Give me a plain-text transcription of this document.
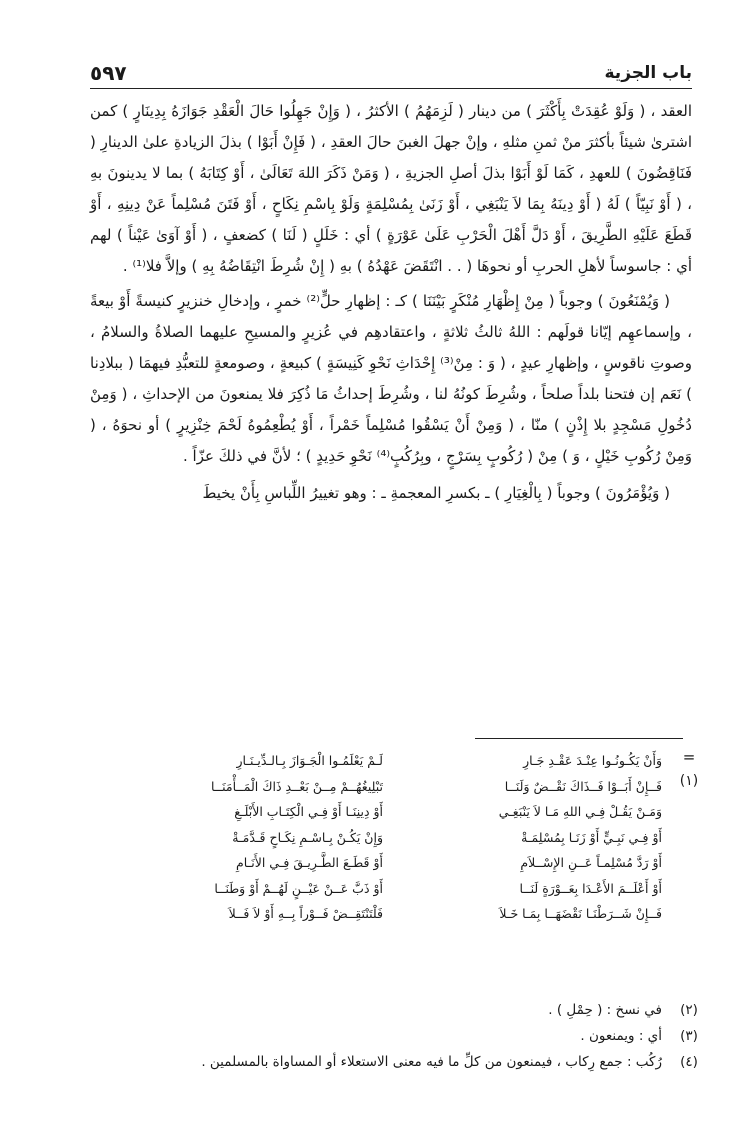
باب الجزية
٥٩٧

العقد ، ( وَلَوْ عُقِدَتْ بِأَكْثَرَ ) من دينار ( لَزِمَهُمُ ) الأكثرُ ، ( وَإِنْ جَهِلُوا حَالَ الْعَقْدِ جَوَازَهُ بِدِينَارٍ ) كمن اشترىٰ شيئاً بأكثرَ منْ ثمنِ مثلهِ ، وإنْ جهلَ الغبنَ حالَ العقدِ ، ( فَإِنْ أَبَوْا ) بذلَ الزيادةِ علىٰ الدينارِ ( فَنَاقِضُونَ ) للعهدِ ، كَمَا لَوْ أَبَوْا بذلَ أصلِ الجزيةِ ، ( وَمَنْ ذَكَرَ اللهَ تَعَالَىٰ ، أَوْ كِتَابَهُ ) بما لا يدينونَ بهِ ، ( أَوْ نَبِيّاً ) لَهُ ( أَوْ دِينَهُ بِمَا لاَ يَنْبَغِي ، أَوْ زَنَىٰ بِمُسْلِمَةٍ وَلَوْ بِاسْمِ نِكَاحٍ ، أَوْ فَتَنَ مُسْلِماً عَنْ دِينِهِ ، أَوْ قَطَعَ عَلَيْهِ الطَّرِيقَ ، أَوْ دَلَّ أَهْلَ الْحَرْبِ عَلَىٰ عَوْرَةٍ ) أي : خَلَلٍ ( لَنَا ) كضعفٍ ، ( أَوْ آوَىٰ عَيْناً ) لهم أي : جاسوساً لأهلِ الحربِ أو نحوهَا ( . . انْتَقَضَ عَهْدُهُ ) بهِ ( إِنْ شُرِطَ انْتِقَاضُهُ بِهِ ) وإلاَّ فلا⁽¹⁾ .

( وَيُمْنَعُونَ ) وجوباً ( مِنْ إِظْهَارِ مُنْكَرٍ بَيْنَنَا ) كـ : إظهارِ حلٍّ⁽²⁾ خمرٍ ، وإدخالِ خنزيرٍ كنيسةً أَوْ بيعةً ، وإسماعهِم إيّانا قولَهم : اللهُ ثالثُ ثلاثةٍ ، واعتقادهِم في عُزيرٍ والمسيحِ عليهما الصلاةُ والسلامُ ، وصوتِ ناقوسٍ ، وإظهارِ عيدٍ ، ( وَ : مِنْ⁽³⁾ إِحْدَاثِ نَحْوِ كَنِيسَةٍ ) كبيعةٍ ، وصومعةٍ للتعبُّدِ فيهمَا ( ببلادِنا ) نَعَم إن فتحنا بلداً صلحاً ، وشُرِطَ كونُهُ لنا ، وشُرِطَ إحداثُ مَا ذُكِرَ فلا يمنعونَ من الإحداثِ ، ( وَمِنْ دُخُولِ مَسْجِدٍ بلا إِذْنٍ ) منّا ، ( وَمِنْ أَنْ يَسْقُوا مُسْلِماً خَمْراً ، أَوْ يُطْعِمُوهُ لَحْمَ خِنْزِيرٍ ) أو نحوَهُ ، ( وَمِنْ رُكُوبِ خَيْلٍ ، وَ ) مِنْ ( رُكُوبٍ بِسَرْجٍ ، وبِرُكُبٍ⁽⁴⁾ نَحْوِ حَدِيدٍ ) ؛ لأنَّ في ذلكَ عزّاً .

( وَيُؤْمَرُونَ ) وجوباً ( بِالْغِيَارِ ) ـ بكسرِ المعجمةِ ـ : وهو تغييرُ اللِّباسِ بِأَنْ يخيطَ

=
(١)
وَأَنْ يَكُـونُـوا عِنْـدَ عَقْـدِ جَـارِ
لَـمْ يَعْلَمُـوا الْجَـوَازَ بِـالـدِّيـنَـارِ
فَــإِنْ أَبَــوْا فَــذَاكَ نَقْــضٌ وَلَنَــا
تَبْلِيغُهُــمْ مِــنْ بَعْــدِ ذَاكَ الْمَــأْمَنَــا
وَمَـنْ يَقُـلْ فِـي اللهِ مَـا لاَ يَنْبَغِـي
أَوْ دِينِنَـا أَوْ فِـي الْكِتَـابِ الأَبْلَـغِ
أَوْ فِـي نَبِـيٍّ أَوْ زَنَـا بِمُسْلِمَـةْ
وَإِنْ يَكُـنْ بِـاسْـمِ نِكَـاحٍ قَـدَّمَـةْ
أَوْ رَدَّ مُسْلِمـاً عَــنِ الإِسْــلاَمِ
أَوْ قَطَـعَ الطَّـرِيـقَ فِـي الأَنَـامِ
أَوْ أَعْلَــمَ الأَعْـدَا بِعَــوْرَةٍ لَنَــا
أَوْ ذَبَّ عَــنْ عَيْــنٍ لَهُــمْ أَوْ وَطَنَــا
فَــإِنْ شَــرَطْنَـا نَقْضَهَــا بِمَـا خَـلاَ
فَلْتَنْتَقِــضْ فَــوْراً بِــهِ أَوْ لاَ فَــلاَ
(٢)
في نسخ : ( حِمْلِ ) .
(٣)
أي : ويمنعون .
(٤)
رُكُب : جمع رِكاب ، فيمنعون من كلِّ ما فيه معنى الاستعلاء أو المساواة بالمسلمين .
